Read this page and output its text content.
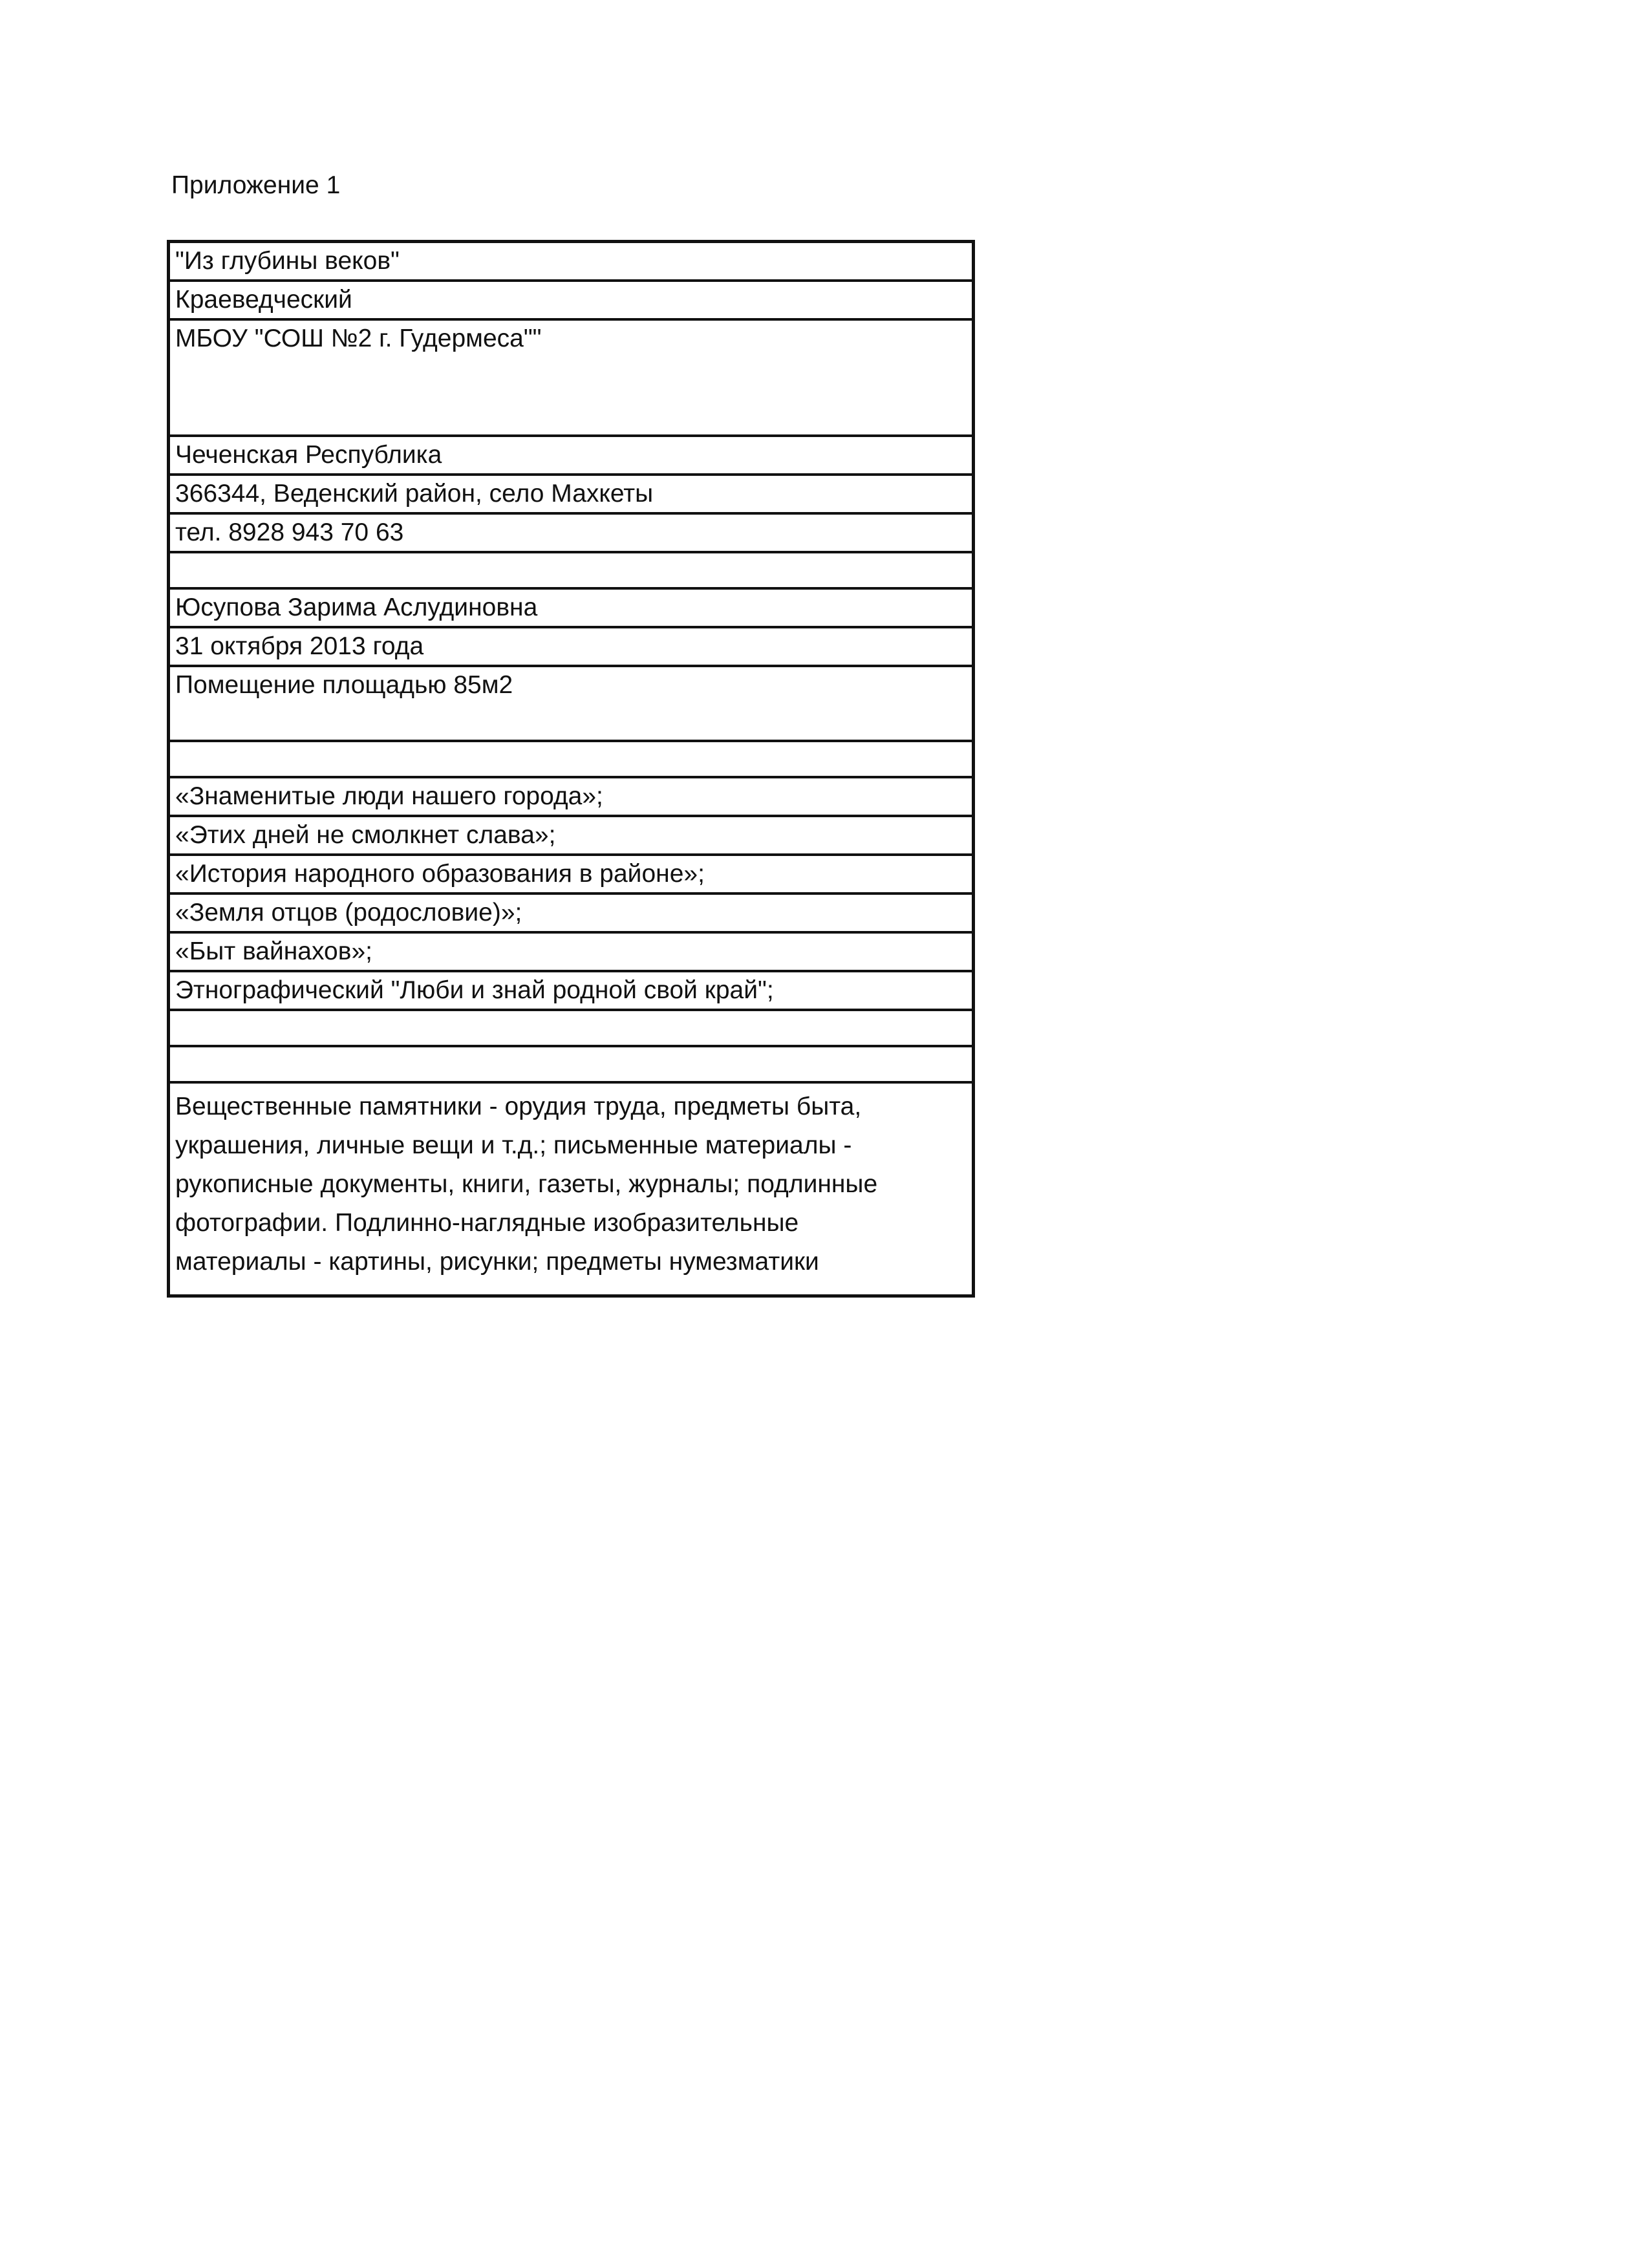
Приложение 1
"Из глубины веков"
Краеведческий
МБОУ "СОШ №2 г. Гудермеса""
Чеченская Республика
366344, Веденский район, село Махкеты
тел. 8928 943 70 63

Юсупова Зарима Аслудиновна
31 октября 2013 года
Помещение площадью 85м2

«Знаменитые люди нашего города»;
«Этих дней не смолкнет слава»;
«История народного образования в районе»;
«Земля отцов (родословие)»;
«Быт вайнахов»;
Этнографический "Люби и знай родной свой край";

Вещественные памятники - орудия труда, предметы быта,
украшения, личные вещи и т.д.; письменные материалы -
рукописные документы, книги, газеты, журналы; подлинные
фотографии. Подлинно-наглядные изобразительные
материалы - картины, рисунки; предметы нумезматики
